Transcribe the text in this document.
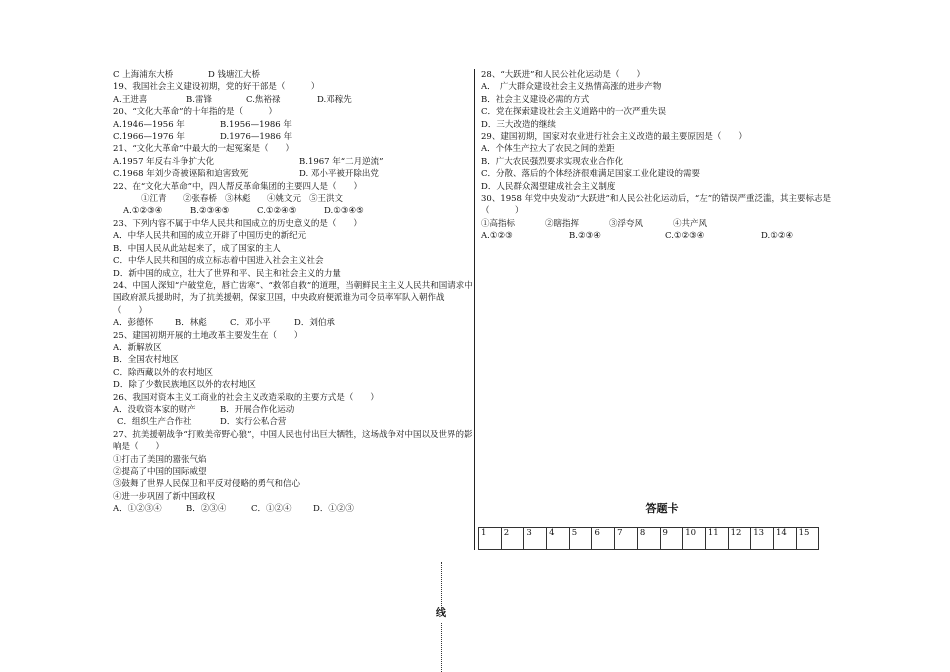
C 上海浦东大桥	D 钱塘江大桥
19、我国社会主义建设初期，党的好干部是（　　　）
A.王进喜	B.雷锋	C.焦裕禄	D.邓稼先
20、“文化大革命”的十年指的是（　　　）
A.1946—1956 年	B.1956—1986 年
C.1966—1976 年	D.1976—1986 年
21、“文化大革命”中最大的一起冤案是（　　）
A.1957 年反右斗争扩大化	B.1967 年“二月逆流”
C.1968 年刘少奇被诬陷和迫害致死	D. 邓小平被开除出党
22、在“文化大革命”中，四人帮反革命集团的主要四人是（　　）
①江青	②张春桥 ③林彪	④姚文元 ⑤王洪文
A.①②③④	B.②③④⑤	C.①②④⑤	D.①③④⑤
23、下列内容不属于中华人民共和国成立的历史意义的是（　　）
A．中华人民共和国的成立开辟了中国历史的新纪元
B．中国人民从此站起来了，成了国家的主人
C．中华人民共和国的成立标志着中国进入社会主义社会
D．新中国的成立，壮大了世界和平、民主和社会主义的力量
24、中国人深知“户破堂危，唇亡齿寒”、“救邻自救”的道理，当朝鲜民主主义人民共和国请求中国政府派兵援助时，为了抗美援朝，保家卫国，中央政府便派谁为司令员率军队入朝作战（　　）
A．彭德怀	B．林彪	C．邓小平	D．刘伯承
25、建国初期开展的土地改革主要发生在（　　）
A．新解放区
B．全国农村地区
C．除西藏以外的农村地区
D．除了少数民族地区以外的农村地区
26、我国对资本主义工商业的社会主义改造采取的主要方式是（　　）
A．没收资本家的财产	B．开展合作化运动
C．组织生产合作社	D．实行公私合营
27、抗美援朝战争“打败美帝野心狼”，中国人民也付出巨大牺牲，这场战争对中国以及世界的影响是（　　）
①打击了美国的嚣张气焰
②提高了中国的国际威望
③鼓舞了世界人民保卫和平反对侵略的勇气和信心
④进一步巩固了新中国政权
A．①②③④	B．②③④	C．①②④	D．①②③
28、“大跃进”和人民公社化运动是（　　）
A．　广大群众建设社会主义热情高涨的进步产物
B．社会主义建设必需的方式
C．党在探索建设社会主义道路中的一次严重失误
D．三大改造的继续
29、建国初期，国家对农业进行社会主义改造的最主要原因是（　　）
A．个体生产拉大了农民之间的差距
B．广大农民强烈要求实现农业合作化
C．分散、落后的个体经济很难满足国家工业化建设的需要
D．人民群众渴望建成社会主义制度
30、1958 年党中央发动“大跃进”和人民公社化运动后，“左”的错误严重泛滥，其主要标志是（　　　）
①高指标	②瞎指挥	③浮夸风	④共产风
A.①②③	B.②③④	C.①②③④	D.①②④
答题卡
1	2	3	4	5	6	7	8	9	10	11	12	13	14	15
线
